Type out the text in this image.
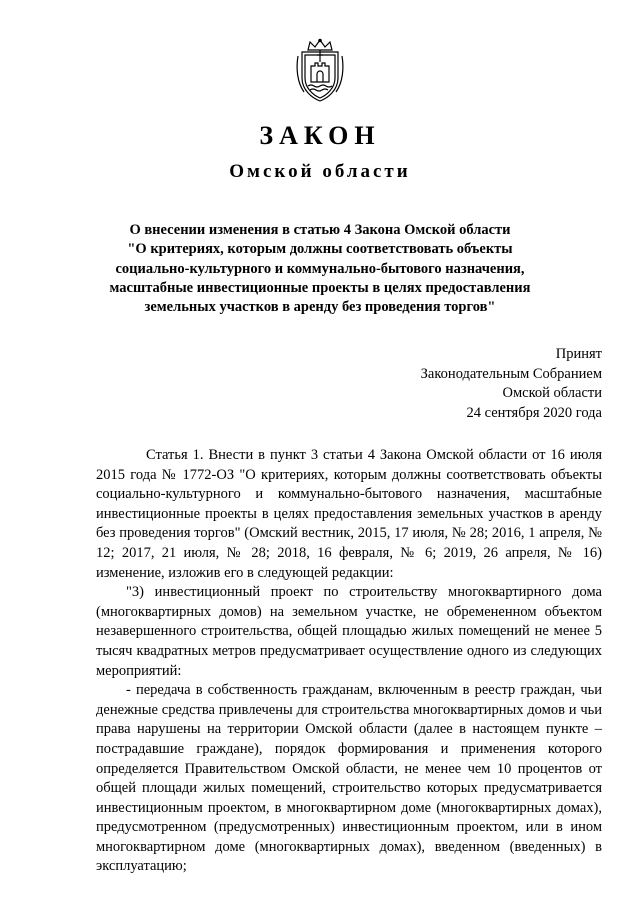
ЗАКОН
Омской области
О внесении изменения в статью 4 Закона Омской области
"О критериях, которым должны соответствовать объекты социально-культурного и коммунально-бытового назначения, масштабные инвестиционные проекты в целях предоставления земельных участков в аренду без проведения торгов"
Принят
Законодательным Собранием
Омской области
24 сентября 2020 года

Статья 1. Внести в пункт 3 статьи 4 Закона Омской области от 16 июля 2015 года № 1772-ОЗ "О критериях, которым должны соответствовать объекты социально-культурного и коммунально-бытового назначения, масштабные инвестиционные проекты в целях предоставления земельных участков в аренду без проведения торгов" (Омский вестник, 2015, 17 июля, № 28; 2016, 1 апреля, № 12; 2017, 21 июля, № 28; 2018, 16 февраля, № 6; 2019, 26 апреля, № 16) изменение, изложив его в следующей редакции:

"3) инвестиционный проект по строительству многоквартирного дома (многоквартирных домов) на земельном участке, не обремененном объектом незавершенного строительства, общей площадью жилых помещений не менее 5 тысяч квадратных метров предусматривает осуществление одного из следующих мероприятий:

- передача в собственность гражданам, включенным в реестр граждан, чьи денежные средства привлечены для строительства многоквартирных домов и чьи права нарушены на территории Омской области (далее в настоящем пункте – пострадавшие граждане), порядок формирования и применения которого определяется Правительством Омской области, не менее чем 10 процентов от общей площади жилых помещений, строительство которых предусматривается инвестиционным проектом, в многоквартирном доме (многоквартирных домах), предусмотренном (предусмотренных) инвестиционным проектом, или в ином многоквартирном доме (многоквартирных домах), введенном (введенных) в эксплуатацию;
